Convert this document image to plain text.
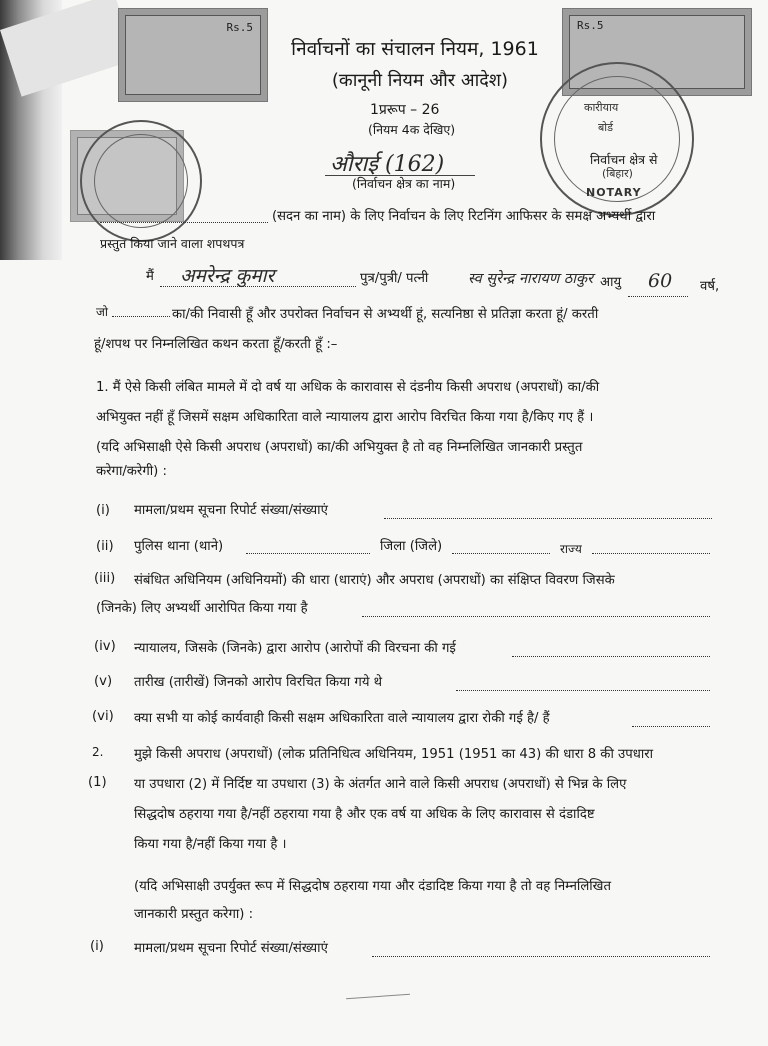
Rs.5	Rs.5
कारीयाय
बोर्ड
(बिहार)
NOTARY
निर्वाचन क्षेत्र से
निर्वाचनों का संचालन नियम, 1961
(कानूनी नियम और आदेश)
1प्ररूप – 26
(नियम 4क देखिए)
औराई (162)
(निर्वाचन क्षेत्र का नाम)
(सदन का नाम) के लिए निर्वाचन के लिए रिटनिंग आफिसर के समक्ष अभ्यर्थी द्वारा
प्रस्तुत किया जाने वाला शपथपत्र
मैं अमरेन्द्र कुमार	पुत्र/पुत्री/ पत्नी	स्व सुरेन्द्र नारायण ठाकुर आयु 60 वर्ष,
जो	का/की निवासी हूँ और उपरोक्त निर्वाचन से अभ्यर्थी हूं, सत्यनिष्ठा से प्रतिज्ञा करता हूं/ करती
हूं/शपथ पर निम्नलिखित कथन करता हूँ/करती हूँ :–
1. मैं ऐसे किसी लंबित मामले में दो वर्ष या अधिक के कारावास से दंडनीय किसी अपराध (अपराधों) का/की
अभियुक्त नहीं हूँ जिसमें सक्षम अधिकारिता वाले न्यायालय द्वारा आरोप विरचित किया गया है/किए गए हैं ।
(यदि अभिसाक्षी ऐसे किसी अपराध (अपराधों) का/की अभियुक्त है तो वह निम्नलिखित जानकारी प्रस्तुत
करेगा/करेगी) :
(i) मामला/प्रथम सूचना रिपोर्ट संख्या/संख्याएं
(ii) पुलिस थाना (थाने)	जिला (जिले)	राज्य
(iii) संबंधित अधिनियम (अधिनियमों) की धारा (धाराएं) और अपराध (अपराधों) का संक्षिप्त विवरण जिसके
(जिनके) लिए अभ्यर्थी आरोपित किया गया है
(iv) न्यायालय, जिसके (जिनके) द्वारा आरोप (आरोपों की विरचना की गई
(v) तारीख (तारीखें) जिनको आरोप विरचित किया गये थे
(vi) क्या सभी या कोई कार्यवाही किसी सक्षम अधिकारिता वाले न्यायालय द्वारा रोकी गई है/ हैं
2. मुझे किसी अपराध (अपराधों) (लोक प्रतिनिधित्व अधिनियम, 1951 (1951 का 43) की धारा 8 की उपधारा
(1) या उपधारा (2) में निर्दिष्ट या उपधारा (3) के अंतर्गत आने वाले किसी अपराध (अपराधों) से भिन्न के लिए
सिद्धदोष ठहराया गया है/नहीं ठहराया गया है और एक वर्ष या अधिक के लिए कारावास से दंडादिष्ट
किया गया है/नहीं किया गया है ।
(यदि अभिसाक्षी उपर्युक्त रूप में सिद्धदोष ठहराया गया और दंडादिष्ट किया गया है तो वह निम्नलिखित
जानकारी प्रस्तुत करेगा) :
(i) मामला/प्रथम सूचना रिपोर्ट संख्या/संख्याएं
